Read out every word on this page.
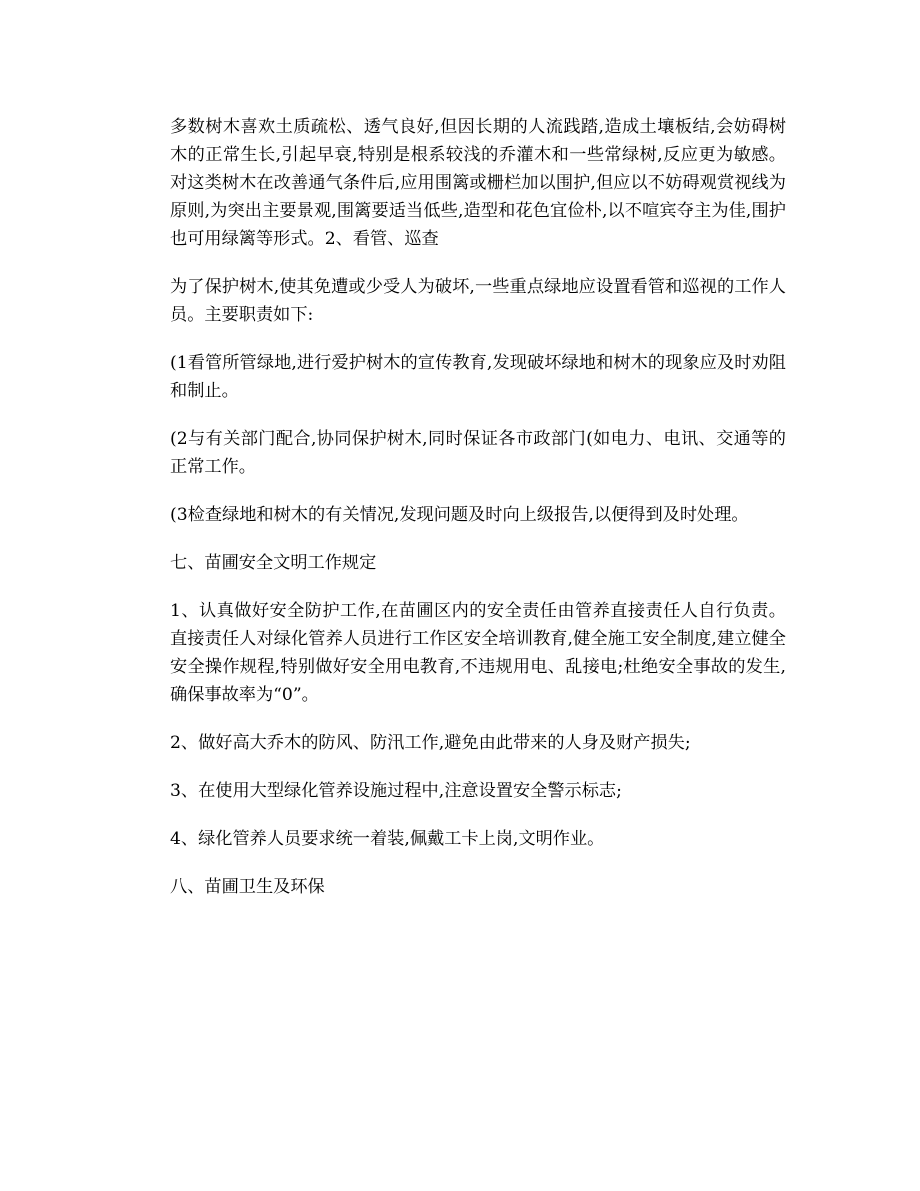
多数树木喜欢土质疏松、透气良好,但因长期的人流践踏,造成土壤板结,会妨碍树木的正常生长,引起早衰,特别是根系较浅的乔灌木和一些常绿树,反应更为敏感。对这类树木在改善通气条件后,应用围篱或栅栏加以围护,但应以不妨碍观赏视线为原则,为突出主要景观,围篱要适当低些,造型和花色宜俭朴,以不喧宾夺主为佳,围护也可用绿篱等形式。2、看管、巡查

为了保护树木,使其免遭或少受人为破坏,一些重点绿地应设置看管和巡视的工作人员。主要职责如下:

(1看管所管绿地,进行爱护树木的宣传教育,发现破坏绿地和树木的现象应及时劝阻和制止。

(2与有关部门配合,协同保护树木,同时保证各市政部门(如电力、电讯、交通等的正常工作。

(3检查绿地和树木的有关情况,发现问题及时向上级报告,以便得到及时处理。

七、苗圃安全文明工作规定

1、认真做好安全防护工作,在苗圃区内的安全责任由管养直接责任人自行负责。直接责任人对绿化管养人员进行工作区安全培训教育,健全施工安全制度,建立健全安全操作规程,特别做好安全用电教育,不违规用电、乱接电;杜绝安全事故的发生,确保事故率为“0”。

2、做好高大乔木的防风、防汛工作,避免由此带来的人身及财产损失;

3、在使用大型绿化管养设施过程中,注意设置安全警示标志;

4、绿化管养人员要求统一着装,佩戴工卡上岗,文明作业。

八、苗圃卫生及环保
